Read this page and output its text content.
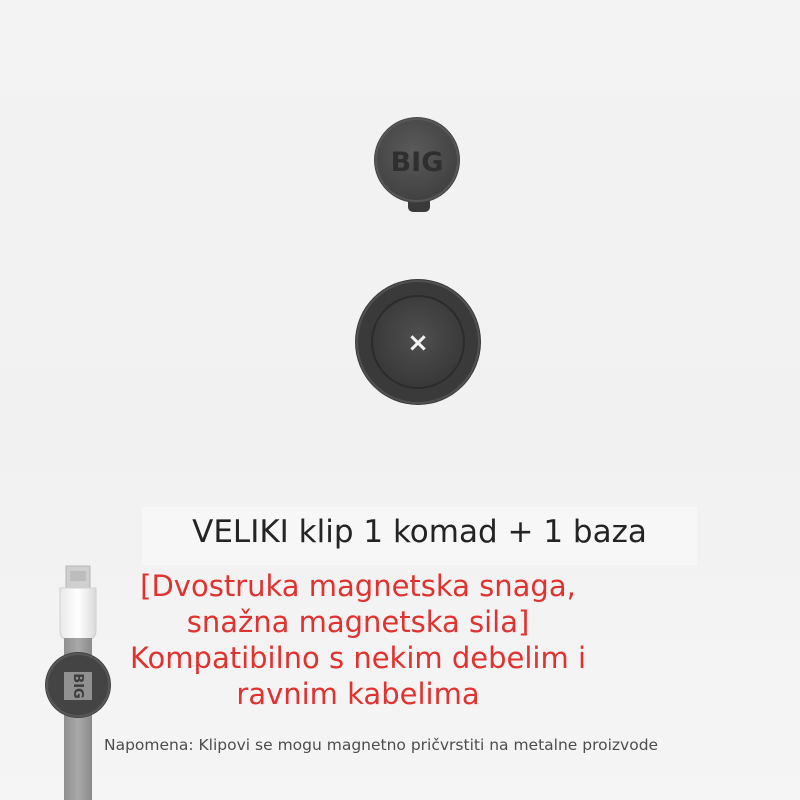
BIG
×
BIG
VELIKI klip 1 komad + 1 baza
[Dvostruka magnetska snaga,
snažna magnetska sila]
Kompatibilno s nekim debelim i
ravnim kabelima
Napomena: Klipovi se mogu magnetno pričvrstiti na metalne proizvode
